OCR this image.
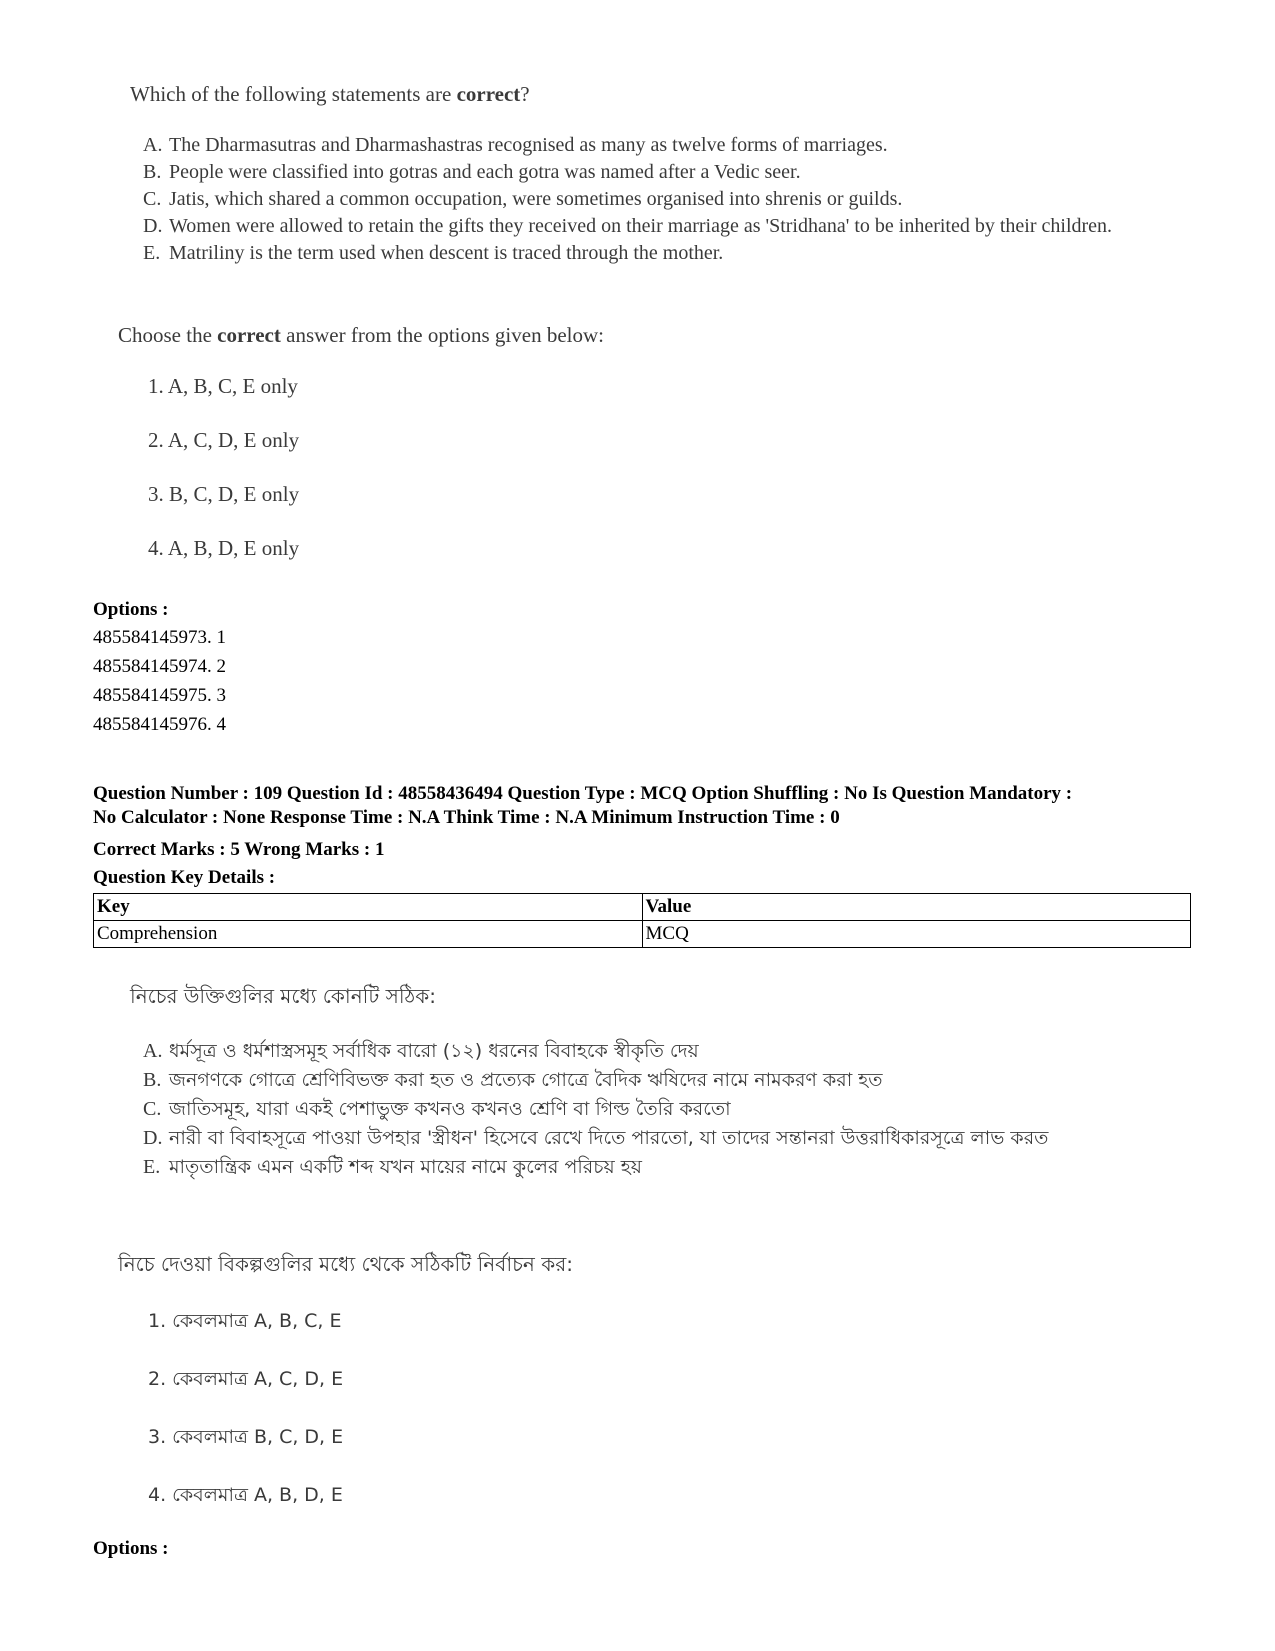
Which of the following statements are correct?
A. The Dharmasutras and Dharmashastras recognised as many as twelve forms of marriages.
B. People were classified into gotras and each gotra was named after a Vedic seer.
C. Jatis, which shared a common occupation, were sometimes organised into shrenis or guilds.
D. Women were allowed to retain the gifts they received on their marriage as 'Stridhana' to be inherited by their children.
E. Matriliny is the term used when descent is traced through the mother.
Choose the correct answer from the options given below:
1. A, B, C, E only
2. A, C, D, E only
3. B, C, D, E only
4. A, B, D, E only
Options :
485584145973. 1
485584145974. 2
485584145975. 3
485584145976. 4
Question Number : 109 Question Id : 48558436494 Question Type : MCQ Option Shuffling : No Is Question Mandatory :
No Calculator : None Response Time : N.A Think Time : N.A Minimum Instruction Time : 0
Correct Marks : 5 Wrong Marks : 1
Question Key Details :
Key	Value
Comprehension	MCQ
নিচের উক্তিগুলির মধ্যে কোনটি সঠিক:
A. ধর্মসূত্র ও ধর্মশাস্ত্রসমূহ সর্বাধিক বারো (১২) ধরনের বিবাহকে স্বীকৃতি দেয়
B. জনগণকে গোত্রে শ্রেণিবিভক্ত করা হত ও প্রত্যেক গোত্রে বৈদিক ঋষিদের নামে নামকরণ করা হত
C. জাতিসমূহ, যারা একই পেশাভুক্ত কখনও কখনও শ্রেণি বা গিল্ড তৈরি করতো
D. নারী বা বিবাহসূত্রে পাওয়া উপহার 'স্ত্রীধন' হিসেবে রেখে দিতে পারতো, যা তাদের সন্তানরা উত্তরাধিকারসূত্রে লাভ করত
E. মাতৃতান্ত্রিক এমন একটি শব্দ যখন মায়ের নামে কুলের পরিচয় হয়
নিচে দেওয়া বিকল্পগুলির মধ্যে থেকে সঠিকটি নির্বাচন কর:
1. কেবলমাত্র A, B, C, E
2. কেবলমাত্র A, C, D, E
3. কেবলমাত্র B, C, D, E
4. কেবলমাত্র A, B, D, E
Options :
